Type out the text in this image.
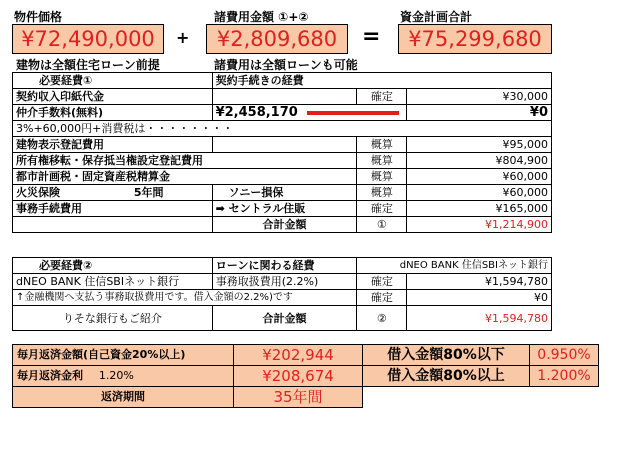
物件価格	諸費用金額 ①+②	資金計画合計
¥72,490,000	+	¥2,809,680	=	¥75,299,680
建物は全額住宅ローン前提	諸費用は全額ローンも可能
必要経費①	契約手続きの経費		
契約収入印紙代金		確定	¥30,000
仲介手数料(無料)	¥2,458,170		¥0
3%+60,000円+消費税は・・・・・・・・			
建物表示登記費用		概算	¥95,000
所有権移転・保存抵当権設定登記費用		概算	¥804,900
都市計画税・固定資産税精算金		概算	¥60,000
火災保険 5年間	ソニー損保	概算	¥60,000
事務手続費用	➡ セントラル住販	確定	¥165,000
	合計金額	①	¥1,214,900
必要経費②	ローンに関わる経費	dNEO BANK 住信SBIネット銀行	
dNEO BANK 住信SBIネット銀行	事務取扱費用(2.2%)	確定	¥1,594,780
↑金融機関へ支払う事務取扱費用です。借入金額の2.2%)です		確定	¥0
りそな銀行もご紹介	合計金額	②	¥1,594,780
毎月返済金額(自己資金20%以上)	¥202,944	借入金額80%以下	0.950%
毎月返済金利 1.20%	¥208,674	借入金額80%以上	1.200%
返済期間	35年間		
